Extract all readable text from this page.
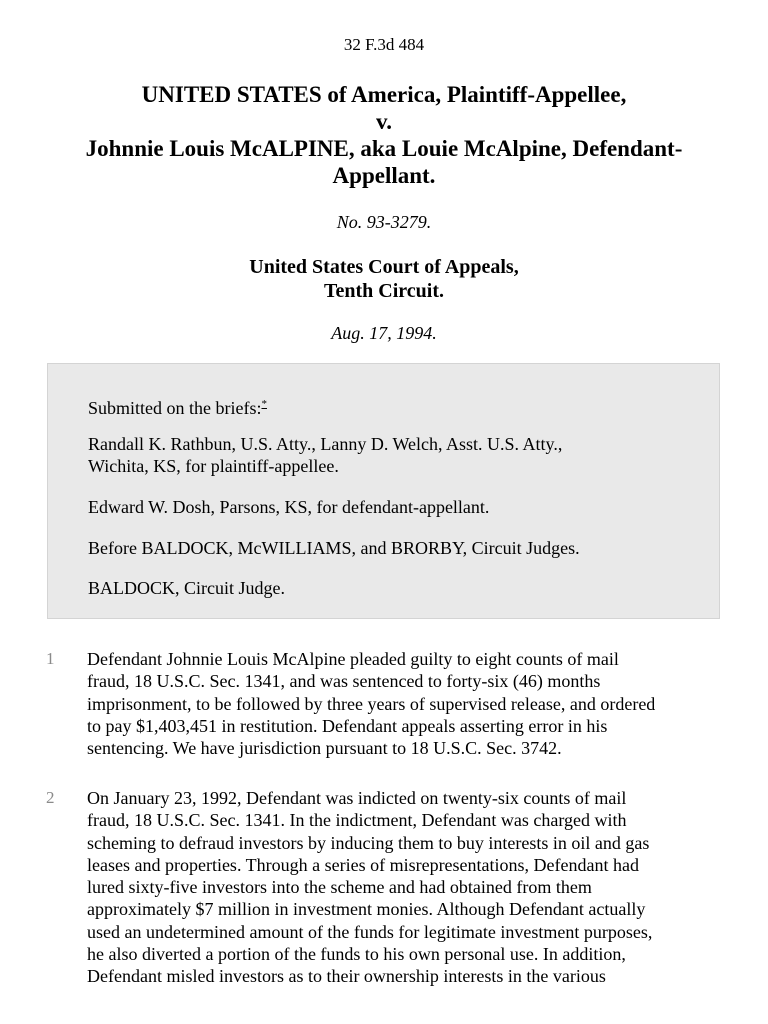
32 F.3d 484
UNITED STATES of America, Plaintiff-Appellee,
v.
Johnnie Louis McALPINE, aka Louie McAlpine, Defendant-
Appellant.
No. 93-3279.
United States Court of Appeals,
Tenth Circuit.
Aug. 17, 1994.

Submitted on the briefs:*

Randall K. Rathbun, U.S. Atty., Lanny D. Welch, Asst. U.S. Atty.,
Wichita, KS, for plaintiff-appellee.

Edward W. Dosh, Parsons, KS, for defendant-appellant.

Before BALDOCK, McWILLIAMS, and BRORBY, Circuit Judges.

BALDOCK, Circuit Judge.

1 Defendant Johnnie Louis McAlpine pleaded guilty to eight counts of mail
fraud, 18 U.S.C. Sec. 1341, and was sentenced to forty-six (46) months
imprisonment, to be followed by three years of supervised release, and ordered
to pay $1,403,451 in restitution. Defendant appeals asserting error in his
sentencing. We have jurisdiction pursuant to 18 U.S.C. Sec. 3742.

2 On January 23, 1992, Defendant was indicted on twenty-six counts of mail
fraud, 18 U.S.C. Sec. 1341. In the indictment, Defendant was charged with
scheming to defraud investors by inducing them to buy interests in oil and gas
leases and properties. Through a series of misrepresentations, Defendant had
lured sixty-five investors into the scheme and had obtained from them
approximately $7 million in investment monies. Although Defendant actually
used an undetermined amount of the funds for legitimate investment purposes,
he also diverted a portion of the funds to his own personal use. In addition,
Defendant misled investors as to their ownership interests in the various
